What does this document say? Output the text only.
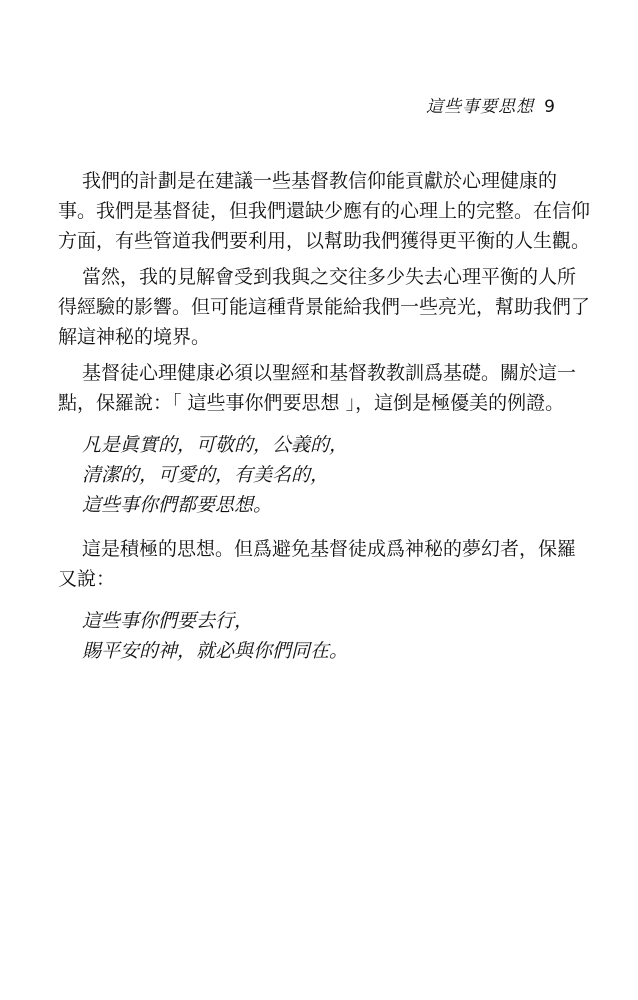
這些事要思想 9
我們的計劃是在建議一些基督教信仰能貢獻於心理健康的
事。我們是基督徒，但我們還缺少應有的心理上的完整。在信仰
方面，有些管道我們要利用，以幫助我們獲得更平衡的人生觀。
當然，我的見解會受到我與之交往多少失去心理平衡的人所
得經驗的影響。但可能這種背景能給我們一些亮光，幫助我們了
解這神秘的境界。
基督徒心理健康必須以聖經和基督教教訓爲基礎。關於這一
點，保羅說：「 這些事你們要思想 」，這倒是極優美的例證。
凡是眞實的，可敬的，公義的，
清潔的，可愛的，有美名的，
這些事你們都要思想。
這是積極的思想。但爲避免基督徒成爲神秘的夢幻者，保羅
又說：
這些事你們要去行，
賜平安的神，就必與你們同在。
